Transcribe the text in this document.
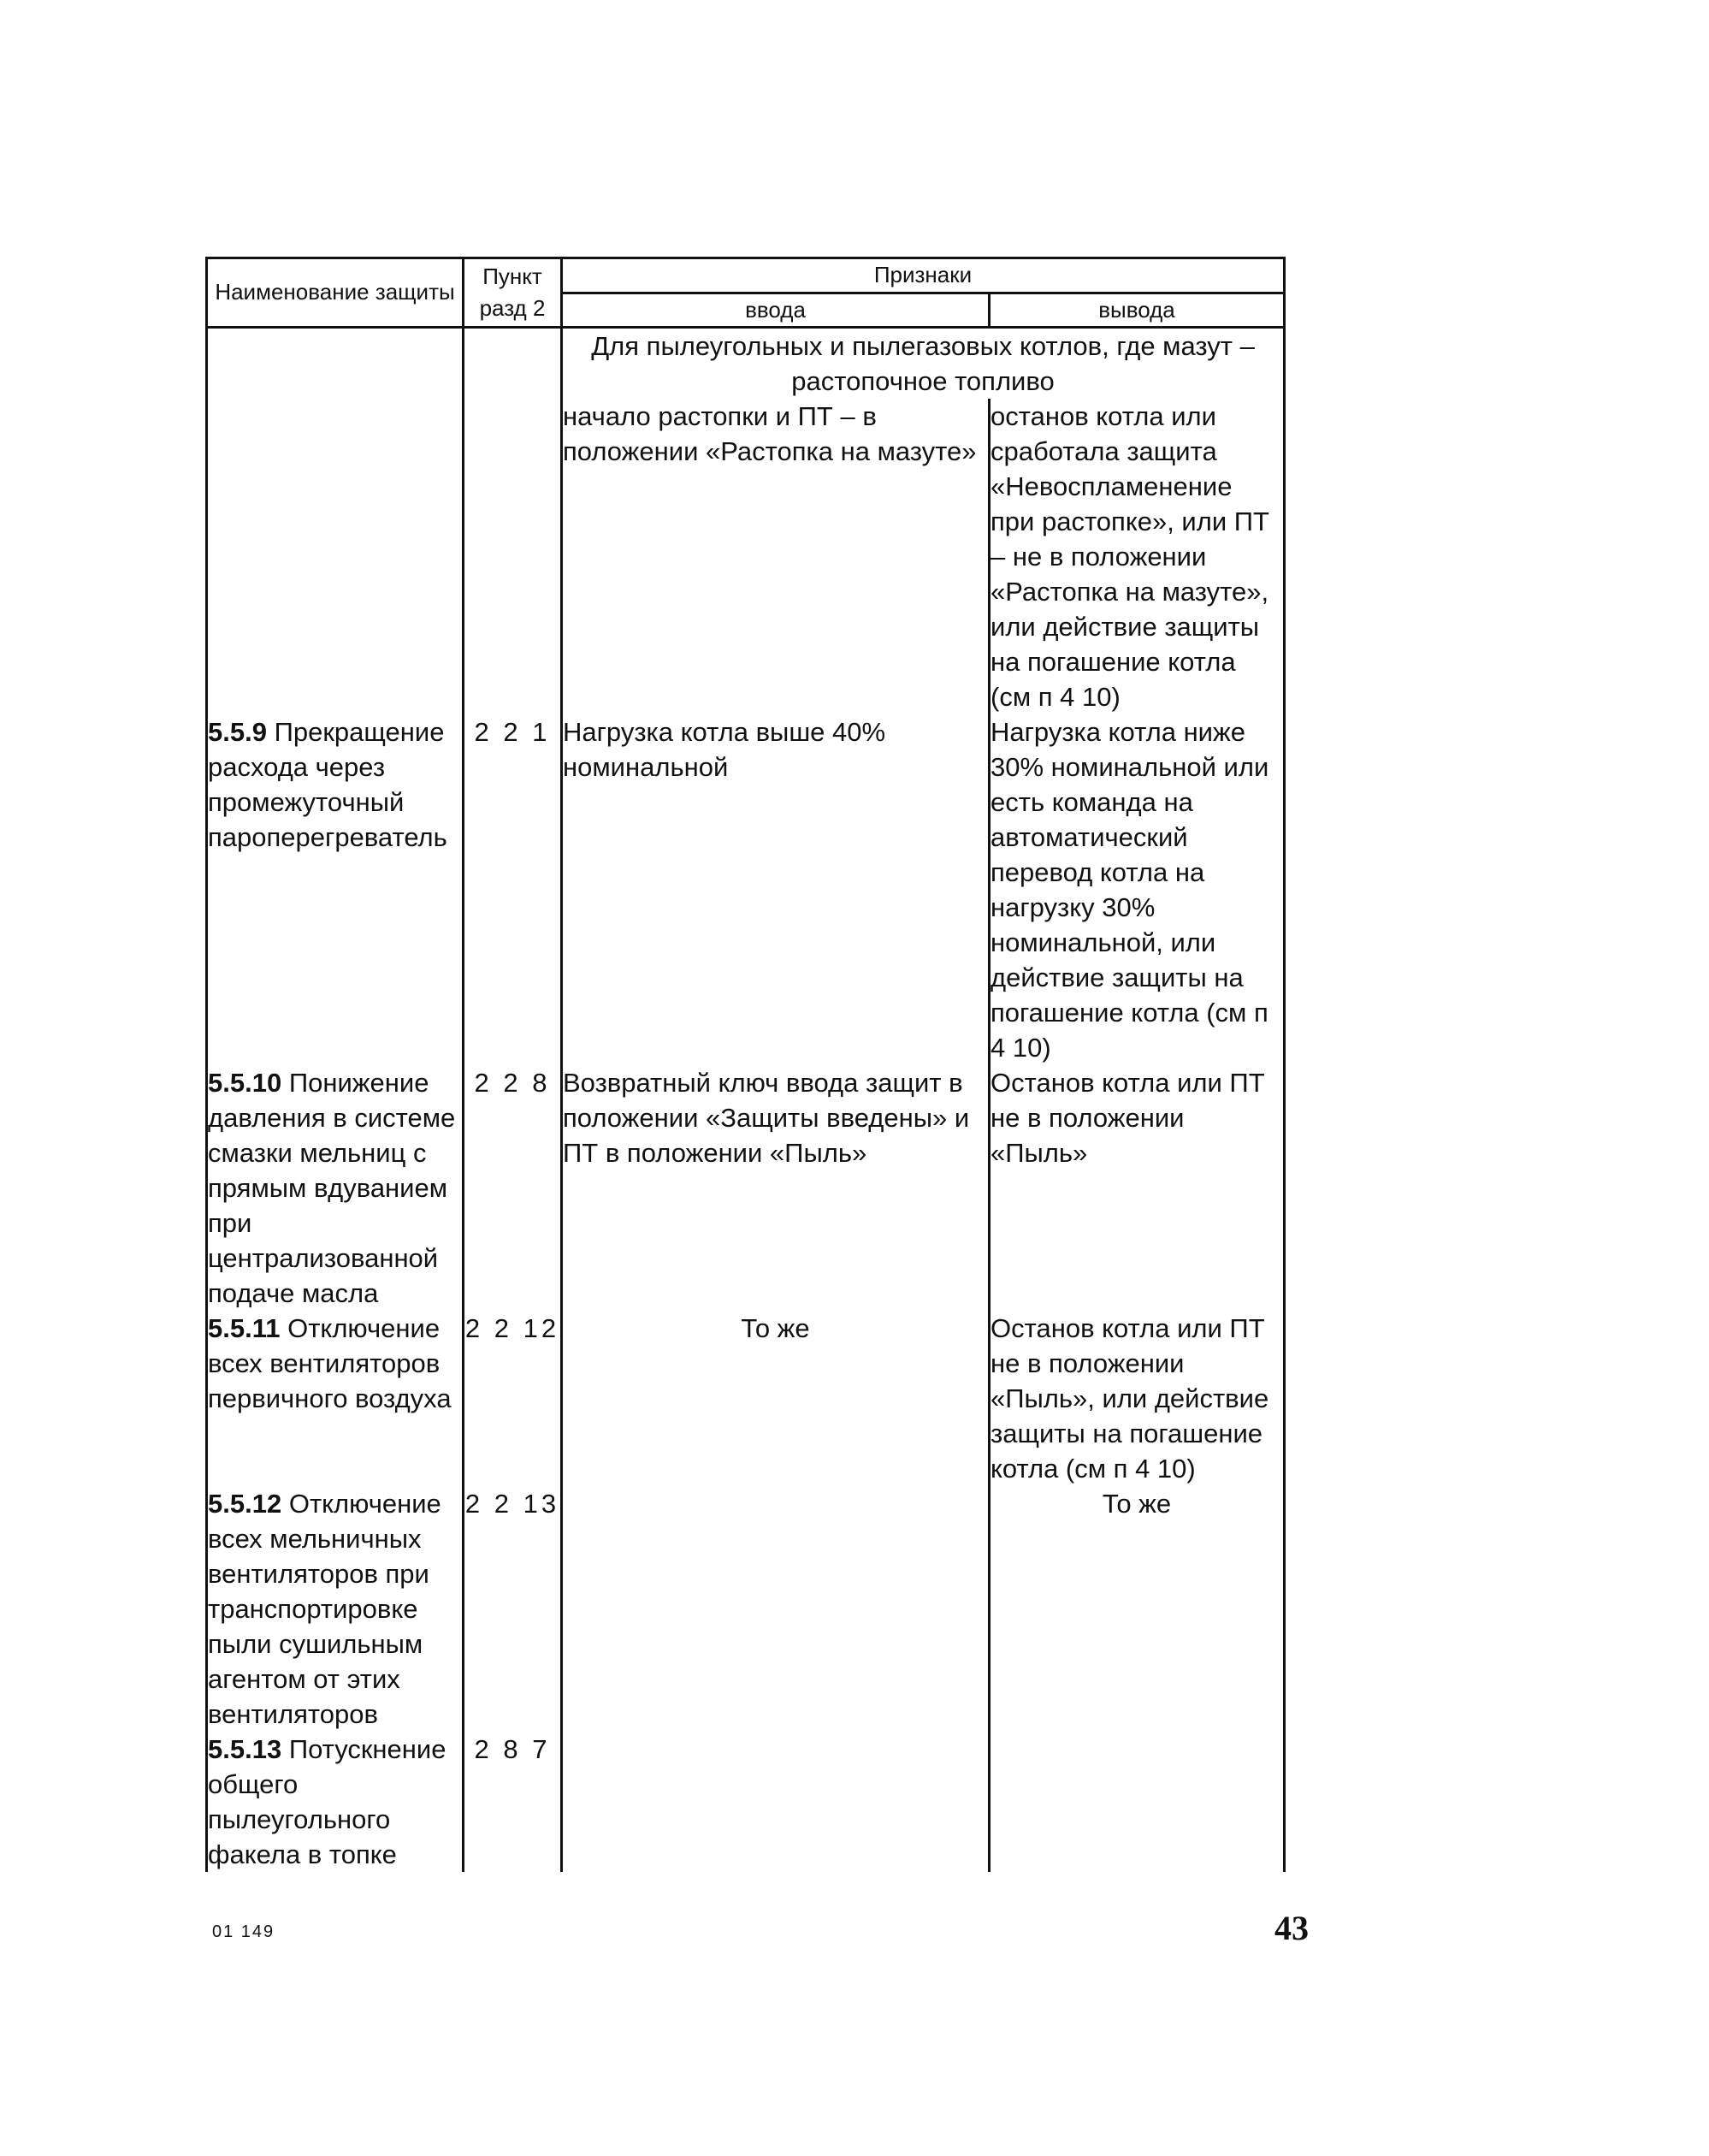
Наименование защиты	Пункт разд 2	Признаки	
		ввода	вывода
		Для пылеугольных и пылегазовых котлов, где мазут – растопочное топливо	
		начало растопки и ПТ – в положении «Растопка на мазуте»	останов котла или сработала защита «Невоспламенение при растопке», или ПТ – не в положении «Растопка на мазуте», или действие защиты на погашение котла (см п 4 10)
5.5.9 Прекращение расхода через промежуточный пароперегреватель	2 2 1	Нагрузка котла выше 40% номинальной	Нагрузка котла ниже 30% номинальной или есть команда на автоматический перевод котла на нагрузку 30% номинальной, или действие защиты на погашение котла (см п 4 10)
5.5.10 Понижение давления в системе смазки мельниц с прямым вдуванием при централизованной подаче масла	2 2 8	Возвратный ключ ввода защит в положении «Защиты введены» и ПТ в положении «Пыль»	Останов котла или ПТ не в положении «Пыль»
5.5.11 Отключение всех вентиляторов первичного воздуха	2 2 12	То же	Останов котла или ПТ не в положении «Пыль», или действие защиты на погашение котла (см п 4 10)
5.5.12 Отключение всех мельничных вентиляторов при транспортировке пыли сушильным агентом от этих вентиляторов	2 2 13		То же
5.5.13 Потускнение общего пылеугольного факела в топке	2 8 7		
01 149	43
